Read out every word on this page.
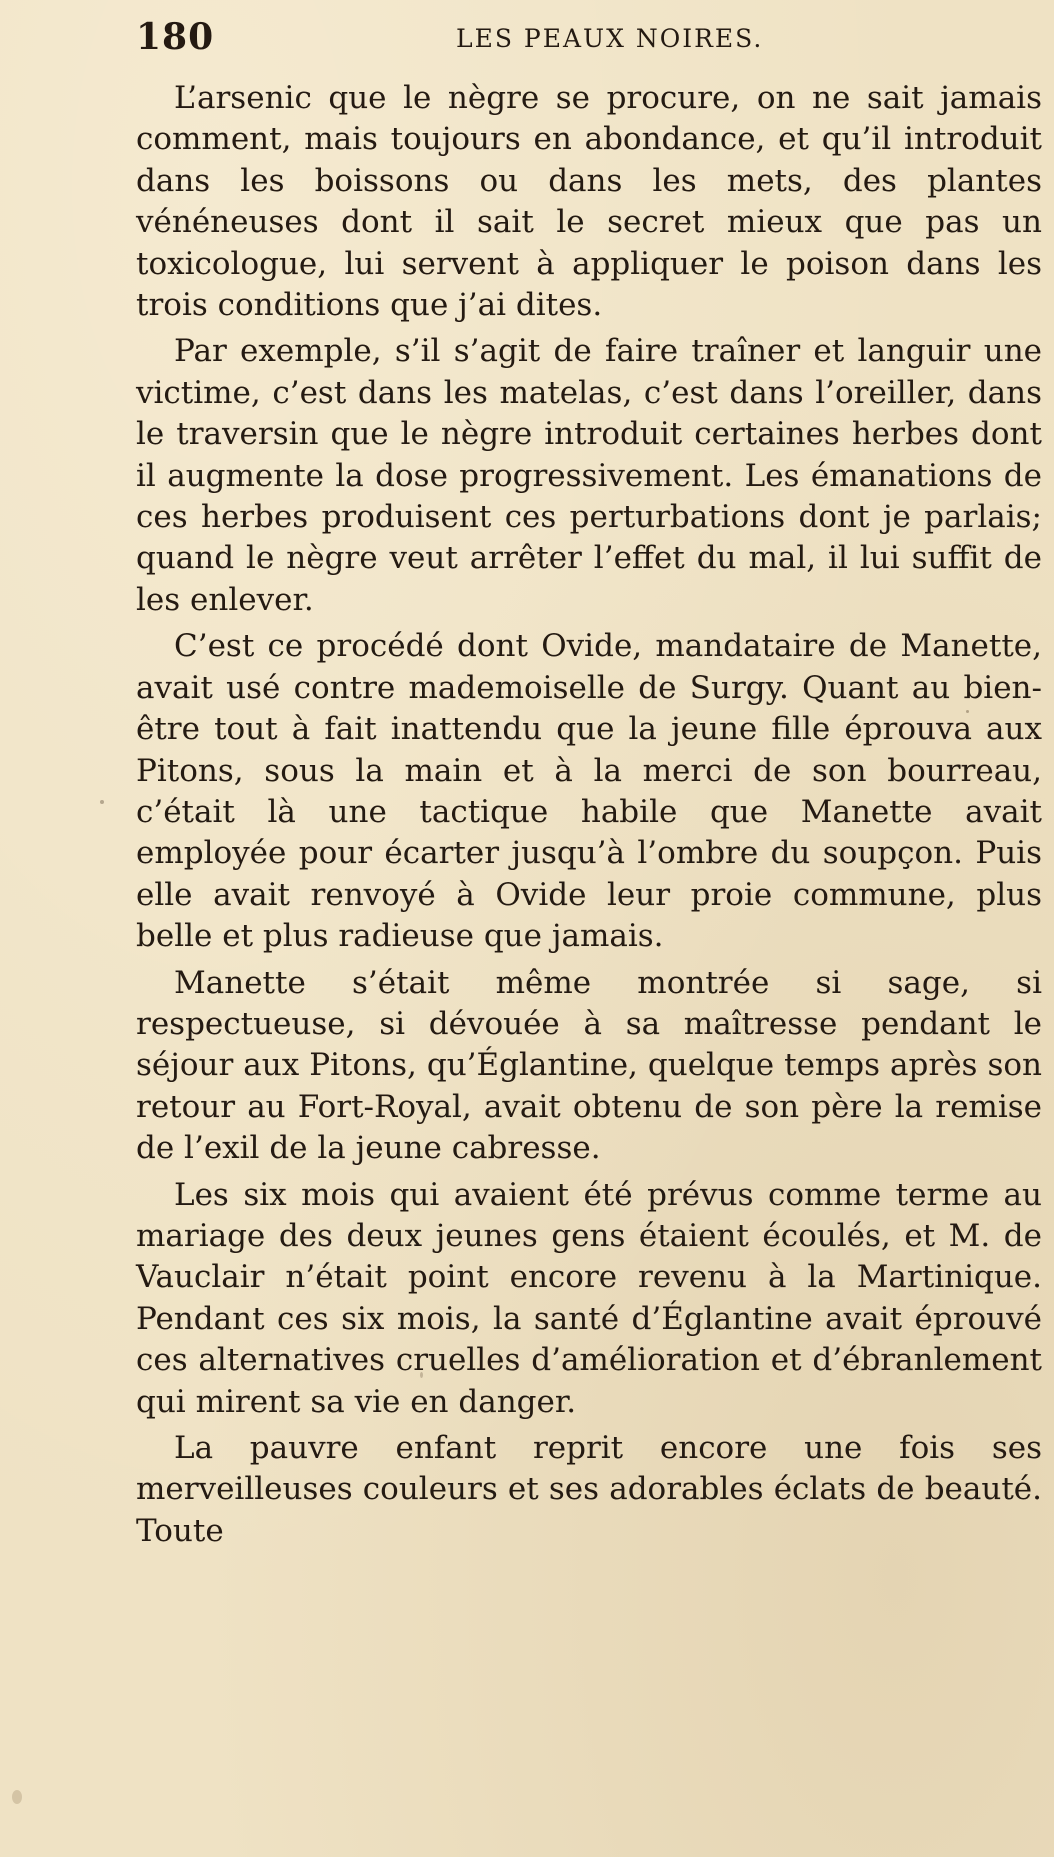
180	LES PEAUX NOIRES.

L’arsenic que le nègre se procure, on ne sait jamais comment, mais toujours en abondance, et qu’il introduit dans les boissons ou dans les mets, des plantes vénéneuses dont il sait le secret mieux que pas un toxicologue, lui servent à appliquer le poison dans les trois conditions que j’ai dites.

Par exemple, s’il s’agit de faire traîner et languir une victime, c’est dans les matelas, c’est dans l’oreiller, dans le traversin que le nègre introduit certaines herbes dont il augmente la dose progressivement. Les émanations de ces herbes produisent ces perturbations dont je parlais; quand le nègre veut arrêter l’effet du mal, il lui suffit de les enlever.

C’est ce procédé dont Ovide, mandataire de Manette, avait usé contre mademoiselle de Surgy. Quant au bien-être tout à fait inattendu que la jeune fille éprouva aux Pitons, sous la main et à la merci de son bourreau, c’était là une tactique habile que Manette avait employée pour écarter jusqu’à l’ombre du soupçon. Puis elle avait renvoyé à Ovide leur proie commune, plus belle et plus radieuse que jamais.

Manette s’était même montrée si sage, si respectueuse, si dévouée à sa maîtresse pendant le séjour aux Pitons, qu’Églantine, quelque temps après son retour au Fort-Royal, avait obtenu de son père la remise de l’exil de la jeune cabresse.

Les six mois qui avaient été prévus comme terme au mariage des deux jeunes gens étaient écoulés, et M. de Vauclair n’était point encore revenu à la Martinique. Pendant ces six mois, la santé d’Églantine avait éprouvé ces alternatives cruelles d’amélioration et d’ébranlement qui mirent sa vie en danger.

La pauvre enfant reprit encore une fois ses merveilleuses couleurs et ses adorables éclats de beauté. Toute
